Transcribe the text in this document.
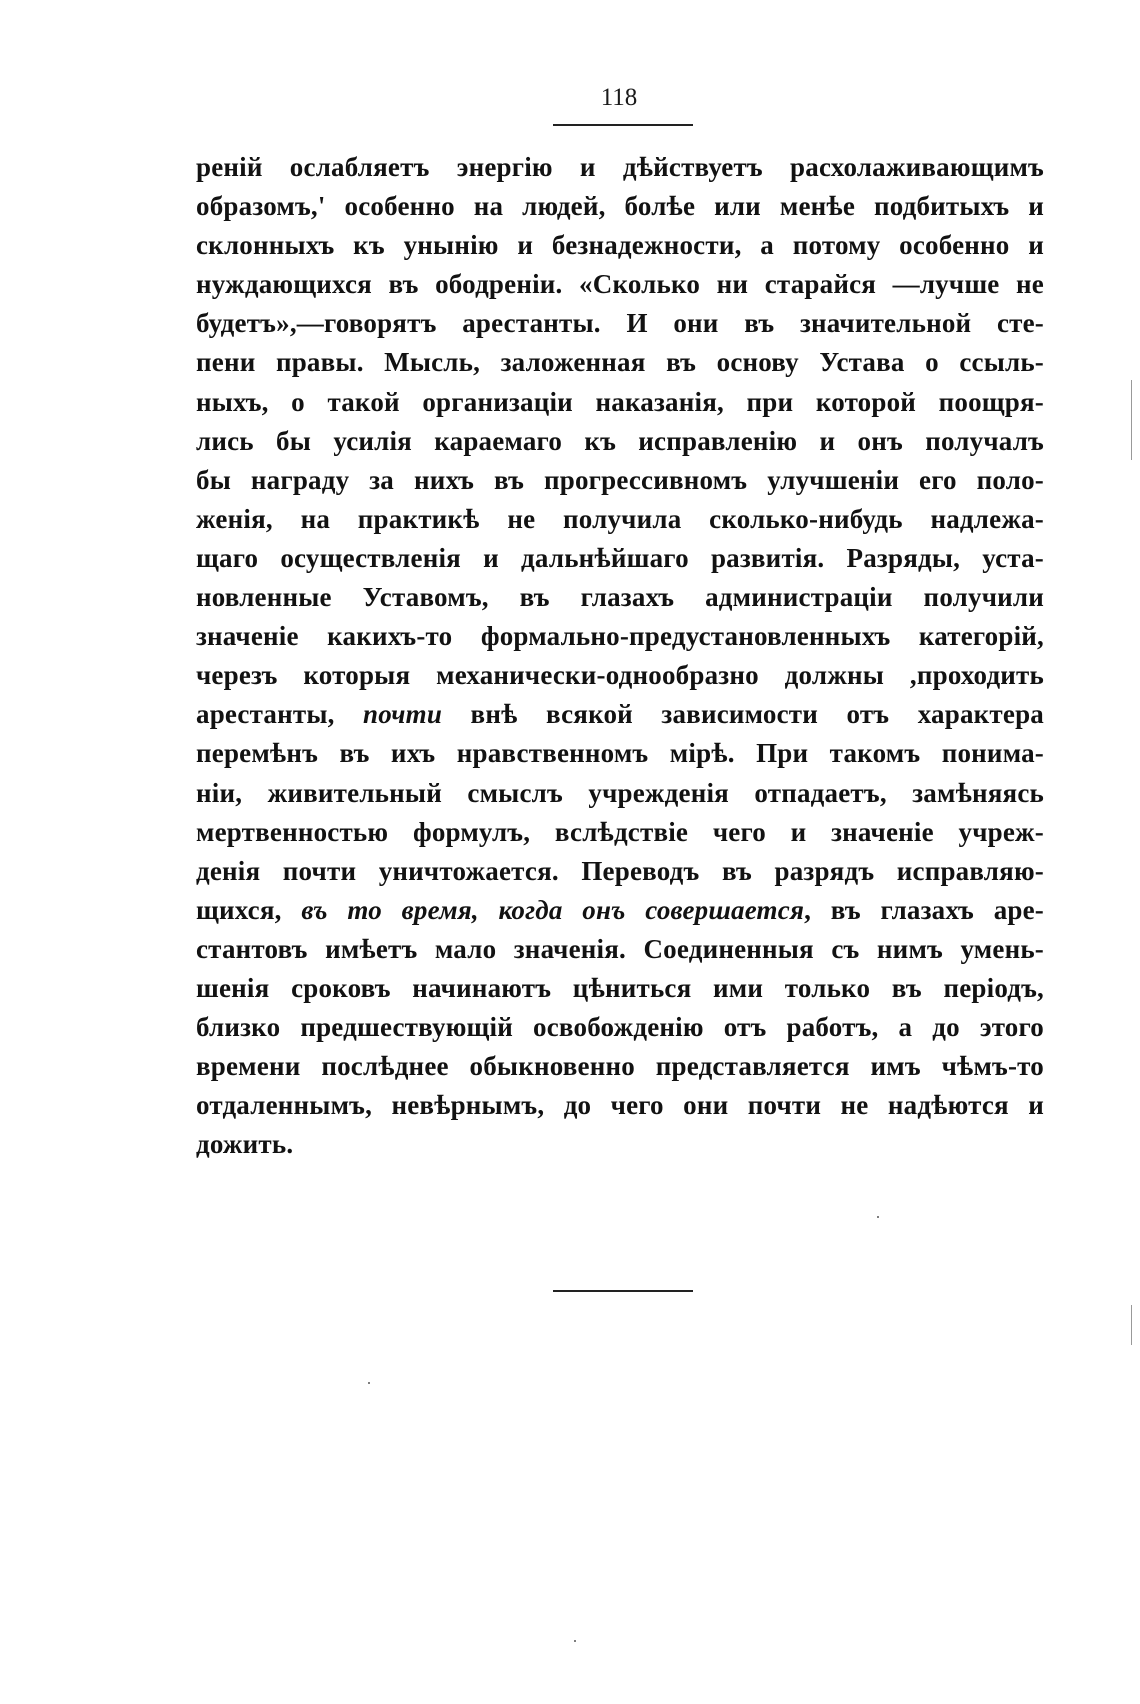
118
реній ослабляетъ энергію и дѣйствуетъ расхолаживающимъ
образомъ,' особенно на людей, болѣе или менѣе подбитыхъ и
склонныхъ къ унынію и безнадежности, а потому особенно и
нуждающихся въ ободреніи. «Сколько ни старайся —лучше не
будетъ»,—говорятъ арестанты. И они въ значительной сте-
пени правы. Мысль, заложенная въ основу Устава о ссыль-
ныхъ, о такой организаціи наказанія, при которой поощря-
лись бы усилія караемаго къ исправленію и онъ получалъ
бы награду за нихъ въ прогрессивномъ улучшеніи его поло-
женія, на практикѣ не получила сколько-нибудь надлежа-
щаго осуществленія и дальнѣйшаго развитія. Разряды, уста-
новленные Уставомъ, въ глазахъ администраціи получили
значеніе какихъ-то формально-предустановленныхъ категорій,
черезъ которыя механически-однообразно должны ,проходить
арестанты, почти внѣ всякой зависимости отъ характера
перемѣнъ въ ихъ нравственномъ мірѣ. При такомъ понима-
ніи, живительный смыслъ учрежденія отпадаетъ, замѣняясь
мертвенностью формулъ, вслѣдствіе чего и значеніе учреж-
денія почти уничтожается. Переводъ въ разрядъ исправляю-
щихся, въ то время, когда онъ совершается, въ глазахъ аре-
стантовъ имѣетъ мало значенія. Соединенныя съ нимъ умень-
шенія сроковъ начинаютъ цѣниться ими только въ періодъ,
близко предшествующій освобожденію отъ работъ, а до этого
времени послѣднее обыкновенно представляется имъ чѣмъ-то
отдаленнымъ, невѣрнымъ, до чего они почти не надѣются и
дожить.
